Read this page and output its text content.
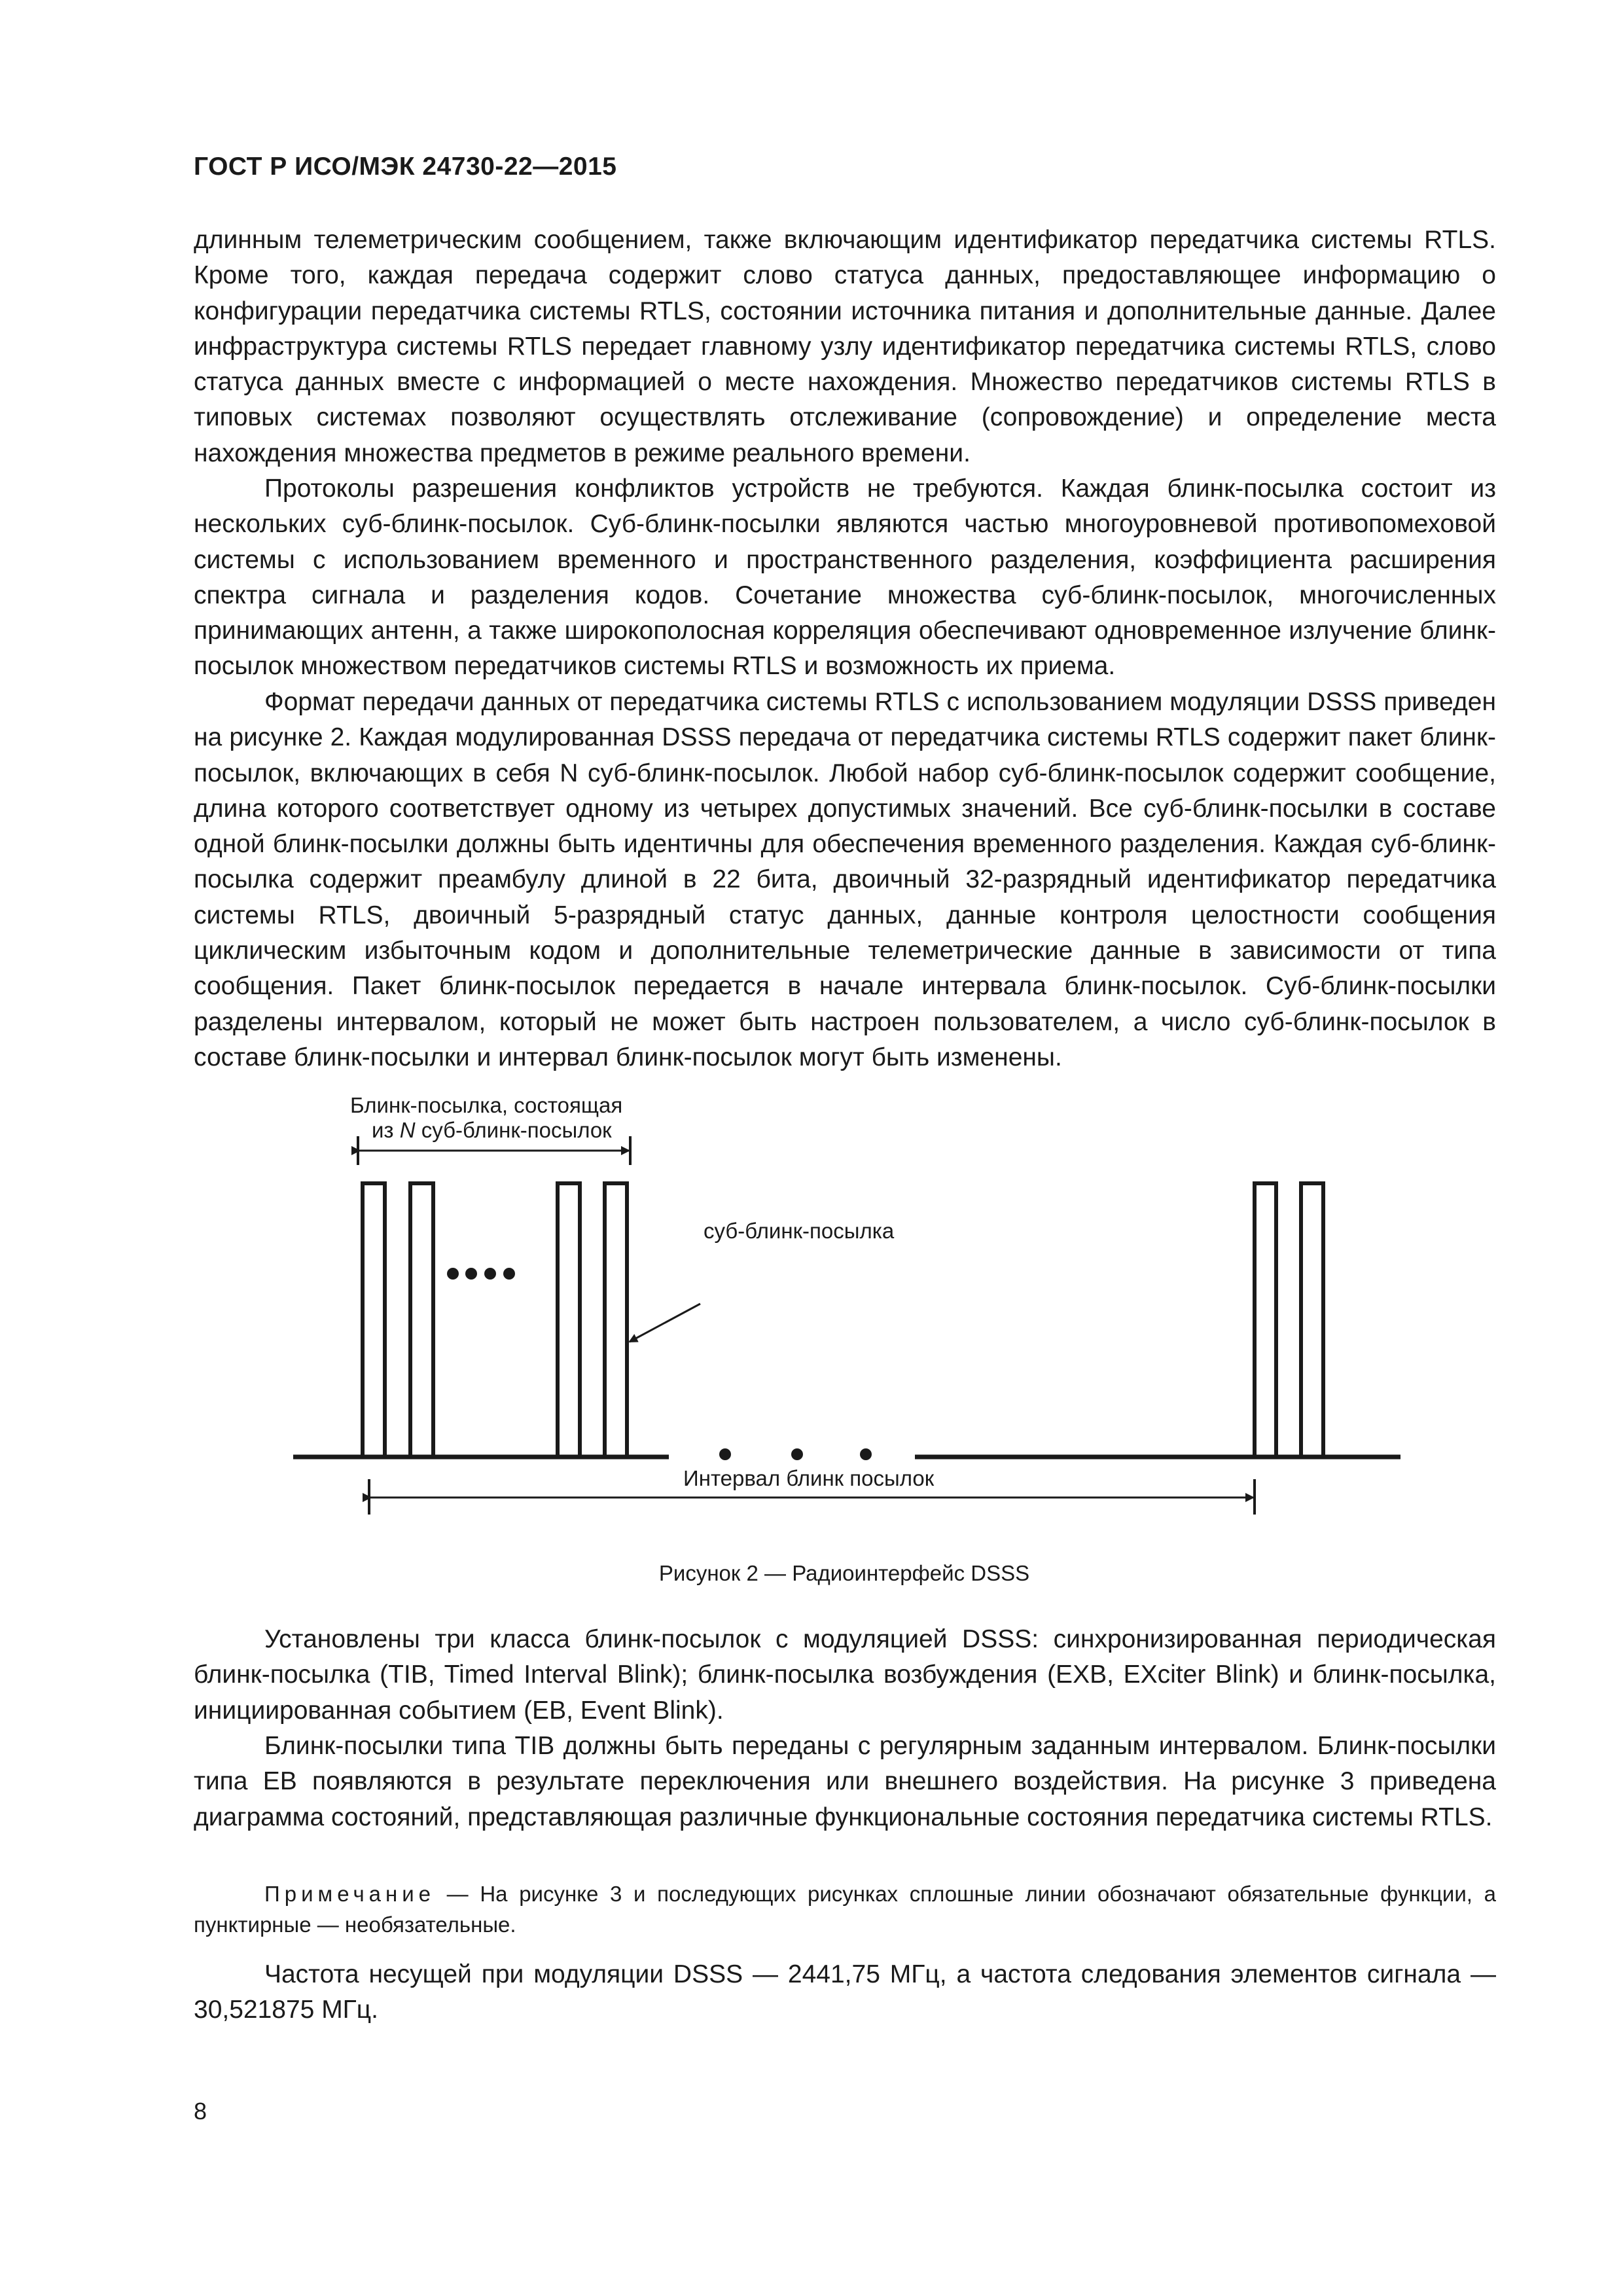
ГОСТ Р ИСО/МЭК 24730-22—2015

длинным телеметрическим сообщением, также включающим идентификатор передатчика системы RTLS. Кроме того, каждая передача содержит слово статуса данных, предоставляющее информацию о конфигурации передатчика системы RTLS, состоянии источника питания и дополнительные данные. Далее инфраструктура системы RTLS передает главному узлу идентификатор передатчика системы RTLS, слово статуса данных вместе с информацией о месте нахождения. Множество передатчиков системы RTLS в типовых системах позволяют осуществлять отслеживание (сопровождение) и определение места нахождения множества предметов в режиме реального времени.

Протоколы разрешения конфликтов устройств не требуются. Каждая блинк-посылка состоит из нескольких суб-блинк-посылок. Суб-блинк-посылки являются частью многоуровневой противопомеховой системы с использованием временного и пространственного разделения, коэффициента расширения спектра сигнала и разделения кодов. Сочетание множества суб-блинк-посылок, многочисленных принимающих антенн, а также широкополосная корреляция обеспечивают одновременное излучение блинк-посылок множеством передатчиков системы RTLS и возможность их приема.

Формат передачи данных от передатчика системы RTLS с использованием модуляции DSSS приведен на рисунке 2. Каждая модулированная DSSS передача от передатчика системы RTLS содержит пакет блинк-посылок, включающих в себя N суб-блинк-посылок. Любой набор суб-блинк-посылок содержит сообщение, длина которого соответствует одному из четырех допустимых значений. Все суб-блинк-посылки в составе одной блинк-посылки должны быть идентичны для обеспечения временного разделения. Каждая суб-блинк-посылка содержит преамбулу длиной в 22 бита, двоичный 32-разрядный идентификатор передатчика системы RTLS, двоичный 5-разрядный статус данных, данные контроля целостности сообщения циклическим избыточным кодом и дополнительные телеметрические данные в зависимости от типа сообщения. Пакет блинк-посылок передается в начале интервала блинк-посылок. Суб-блинк-посылки разделены интервалом, который не может быть настроен пользователем, а число суб-блинк-посылок в составе блинк-посылки и интервал блинк-посылок могут быть изменены.

Блинк-посылка, состоящая
из N суб-блинк-посылок
суб-блинк-посылка
Интервал блинк посылок
Рисунок 2 — Радиоинтерфейс DSSS

Установлены три класса блинк-посылок с модуляцией DSSS: синхронизированная периодическая блинк-посылка (TIB, Timed Interval Blink); блинк-посылка возбуждения (EXB, EXciter Blink) и блинк-посылка, инициированная событием (EB, Event Blink).

Блинк-посылки типа TIB должны быть переданы с регулярным заданным интервалом. Блинк-посылки типа EB появляются в результате переключения или внешнего воздействия. На рисунке 3 приведена диаграмма состояний, представляющая различные функциональные состояния передатчика системы RTLS.

Примечание — На рисунке 3 и последующих рисунках сплошные линии обозначают обязательные функции, а пунктирные — необязательные.

Частота несущей при модуляции DSSS — 2441,75 МГц, а частота следования элементов сигнала — 30,521875 МГц.

8
